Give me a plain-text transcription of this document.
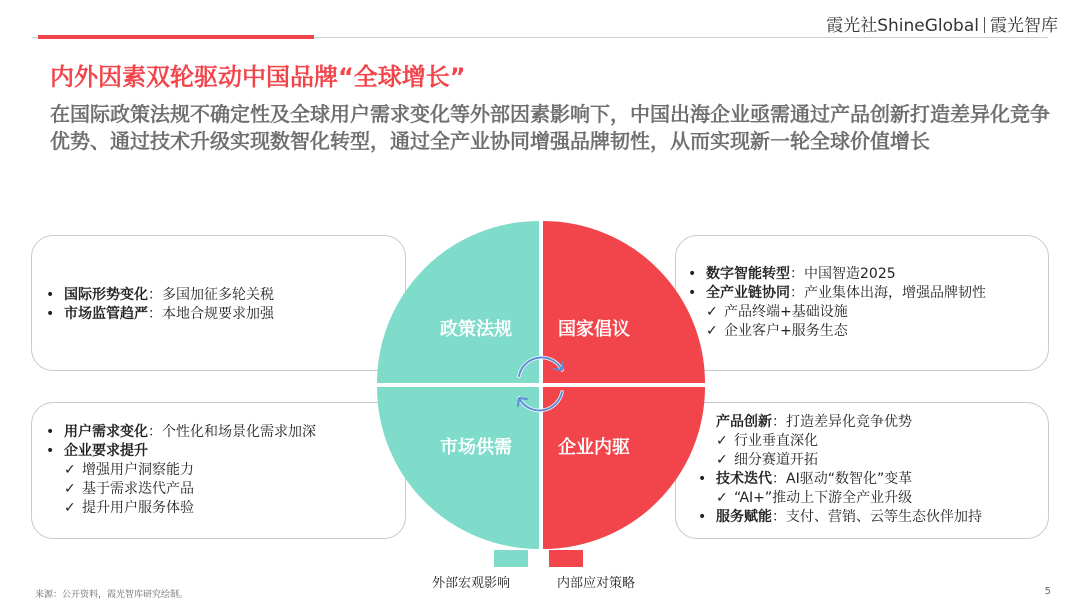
霞光社ShineGlobal 霞光智库
内外因素双轮驱动中国品牌“全球增长”
在国际政策法规不确定性及全球用户需求变化等外部因素影响下，中国出海企业亟需通过产品创新打造差异化竞争优势、通过技术升级实现数智化转型，通过全产业协同增强品牌韧性，从而实现新一轮全球价值增长
• 国际形势变化：多国加征多轮关税
• 市场监管趋严：本地合规要求加强
• 数字智能转型：中国智造2025
• 全产业链协同：产业集体出海，增强品牌韧性
✓ 产品终端+基础设施
✓ 企业客户+服务生态
• 用户需求变化：个性化和场景化需求加深
• 企业要求提升
✓ 增强用户洞察能力
✓ 基于需求迭代产品
✓ 提升用户服务体验
产品创新：打造差异化竞争优势
✓ 行业垂直深化
✓ 细分赛道开拓
• 技术迭代：AI驱动“数智化”变革
✓ “AI+”推动上下游全产业升级
• 服务赋能：支付、营销、云等生态伙伴加持
政策法规	国家倡议
市场供需	企业内驱
外部宏观影响	内部应对策略
来源：公开资料，霞光智库研究绘制。	5
